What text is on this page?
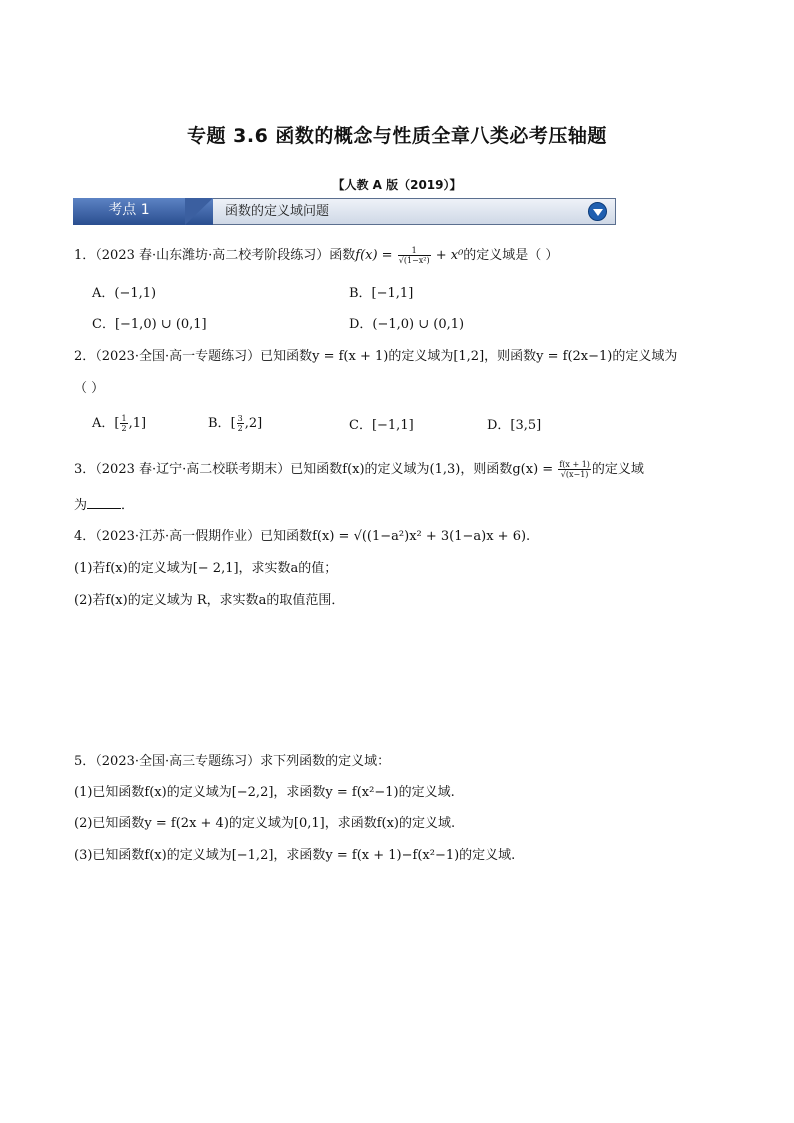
专题 3.6 函数的概念与性质全章八类必考压轴题
【人教 A 版（2019）】
考点 1	函数的定义域问题
1．（2023 春·山东潍坊·高二校考阶段练习）函数$f(x) = \frac{1}{\text{√(1−x²)}} + x^0$的定义域是（ ）
A．(−1,1)	B．[−1,1]
C．[−1,0) ∪ (0,1]	D．(−1,0) ∪ (0,1)
2．（2023·全国·高一专题练习）已知函数y = f(x + 1)的定义域为[1,2]，则函数y = f(2x−1)的定义域为
（ ）
A．[ $\frac{1}{2} ,1$]	B．[ $\frac{3}{2} ,2$]	C．[−1,1]	D．[3,5]
3．（2023 春·辽宁·高二校联考期末）已知函数f(x)的定义域为(1,3)，则函数$g(x) = \frac{f(x + 1)}{√(x-1)}$ 的定义域
为	．
4．（2023·江苏·高一假期作业）已知函数f(x) = √((1−a²)x² + 3(1−a)x + 6).
(1)若f(x)的定义域为[− 2,1]，求实数a的值；
(2)若f(x)的定义域为 R，求实数a的取值范围．
5．（2023·全国·高三专题练习）求下列函数的定义域：
(1)已知函数f(x)的定义域为[−2,2]，求函数y = f(x²−1)的定义域.
(2)已知函数y = f(2x + 4)的定义域为[0,1]，求函数f(x)的定义域.
(3)已知函数f(x)的定义域为[−1,2]，求函数y = f(x + 1)−f(x²−1)的定义域.
